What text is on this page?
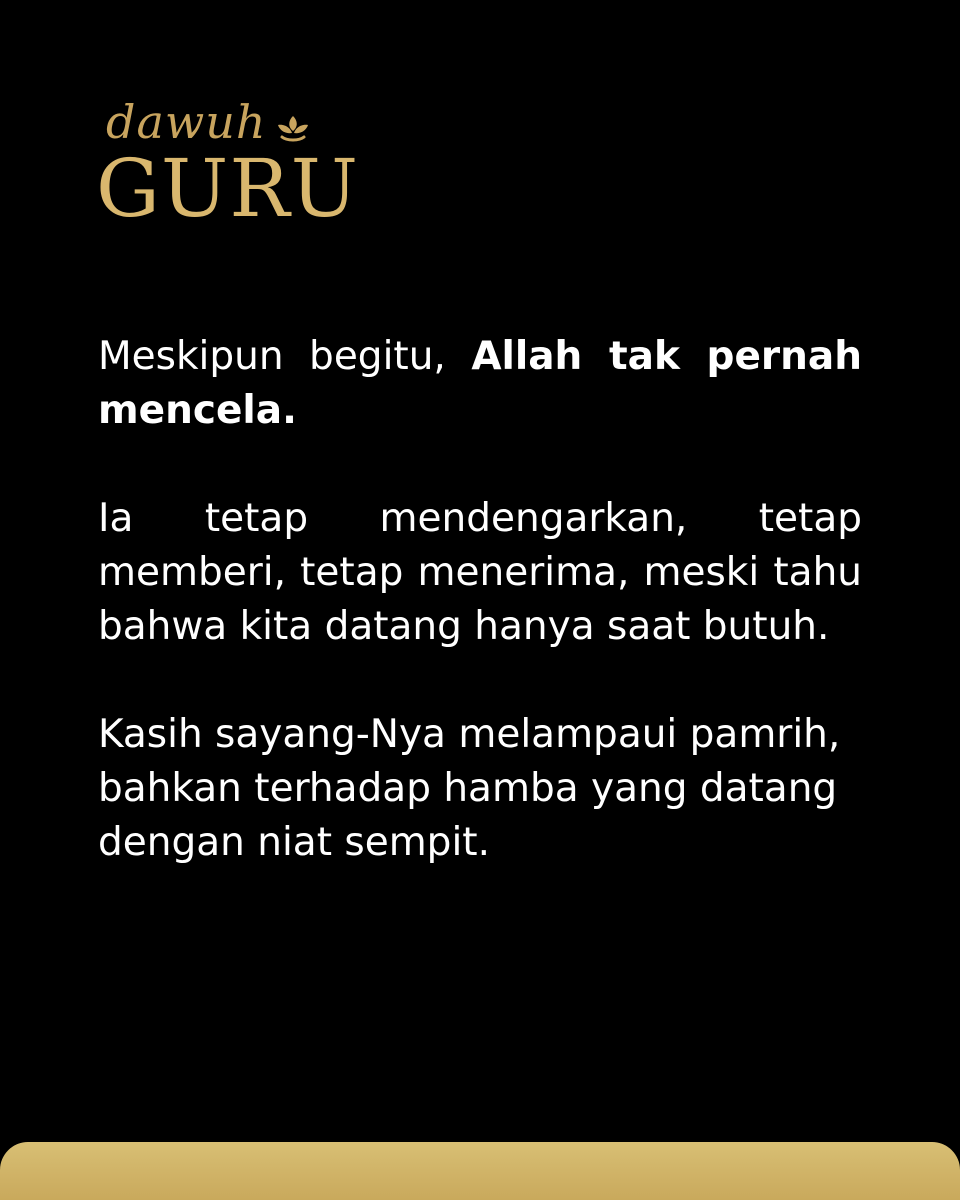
dawuh
GURU

Meskipun begitu, Allah tak pernah mencela.

Ia tetap mendengarkan, tetap memberi, tetap menerima, meski tahu bahwa kita datang hanya saat butuh.

Kasih sayang-Nya melampaui pamrih, bahkan terhadap hamba yang datang dengan niat sempit.
